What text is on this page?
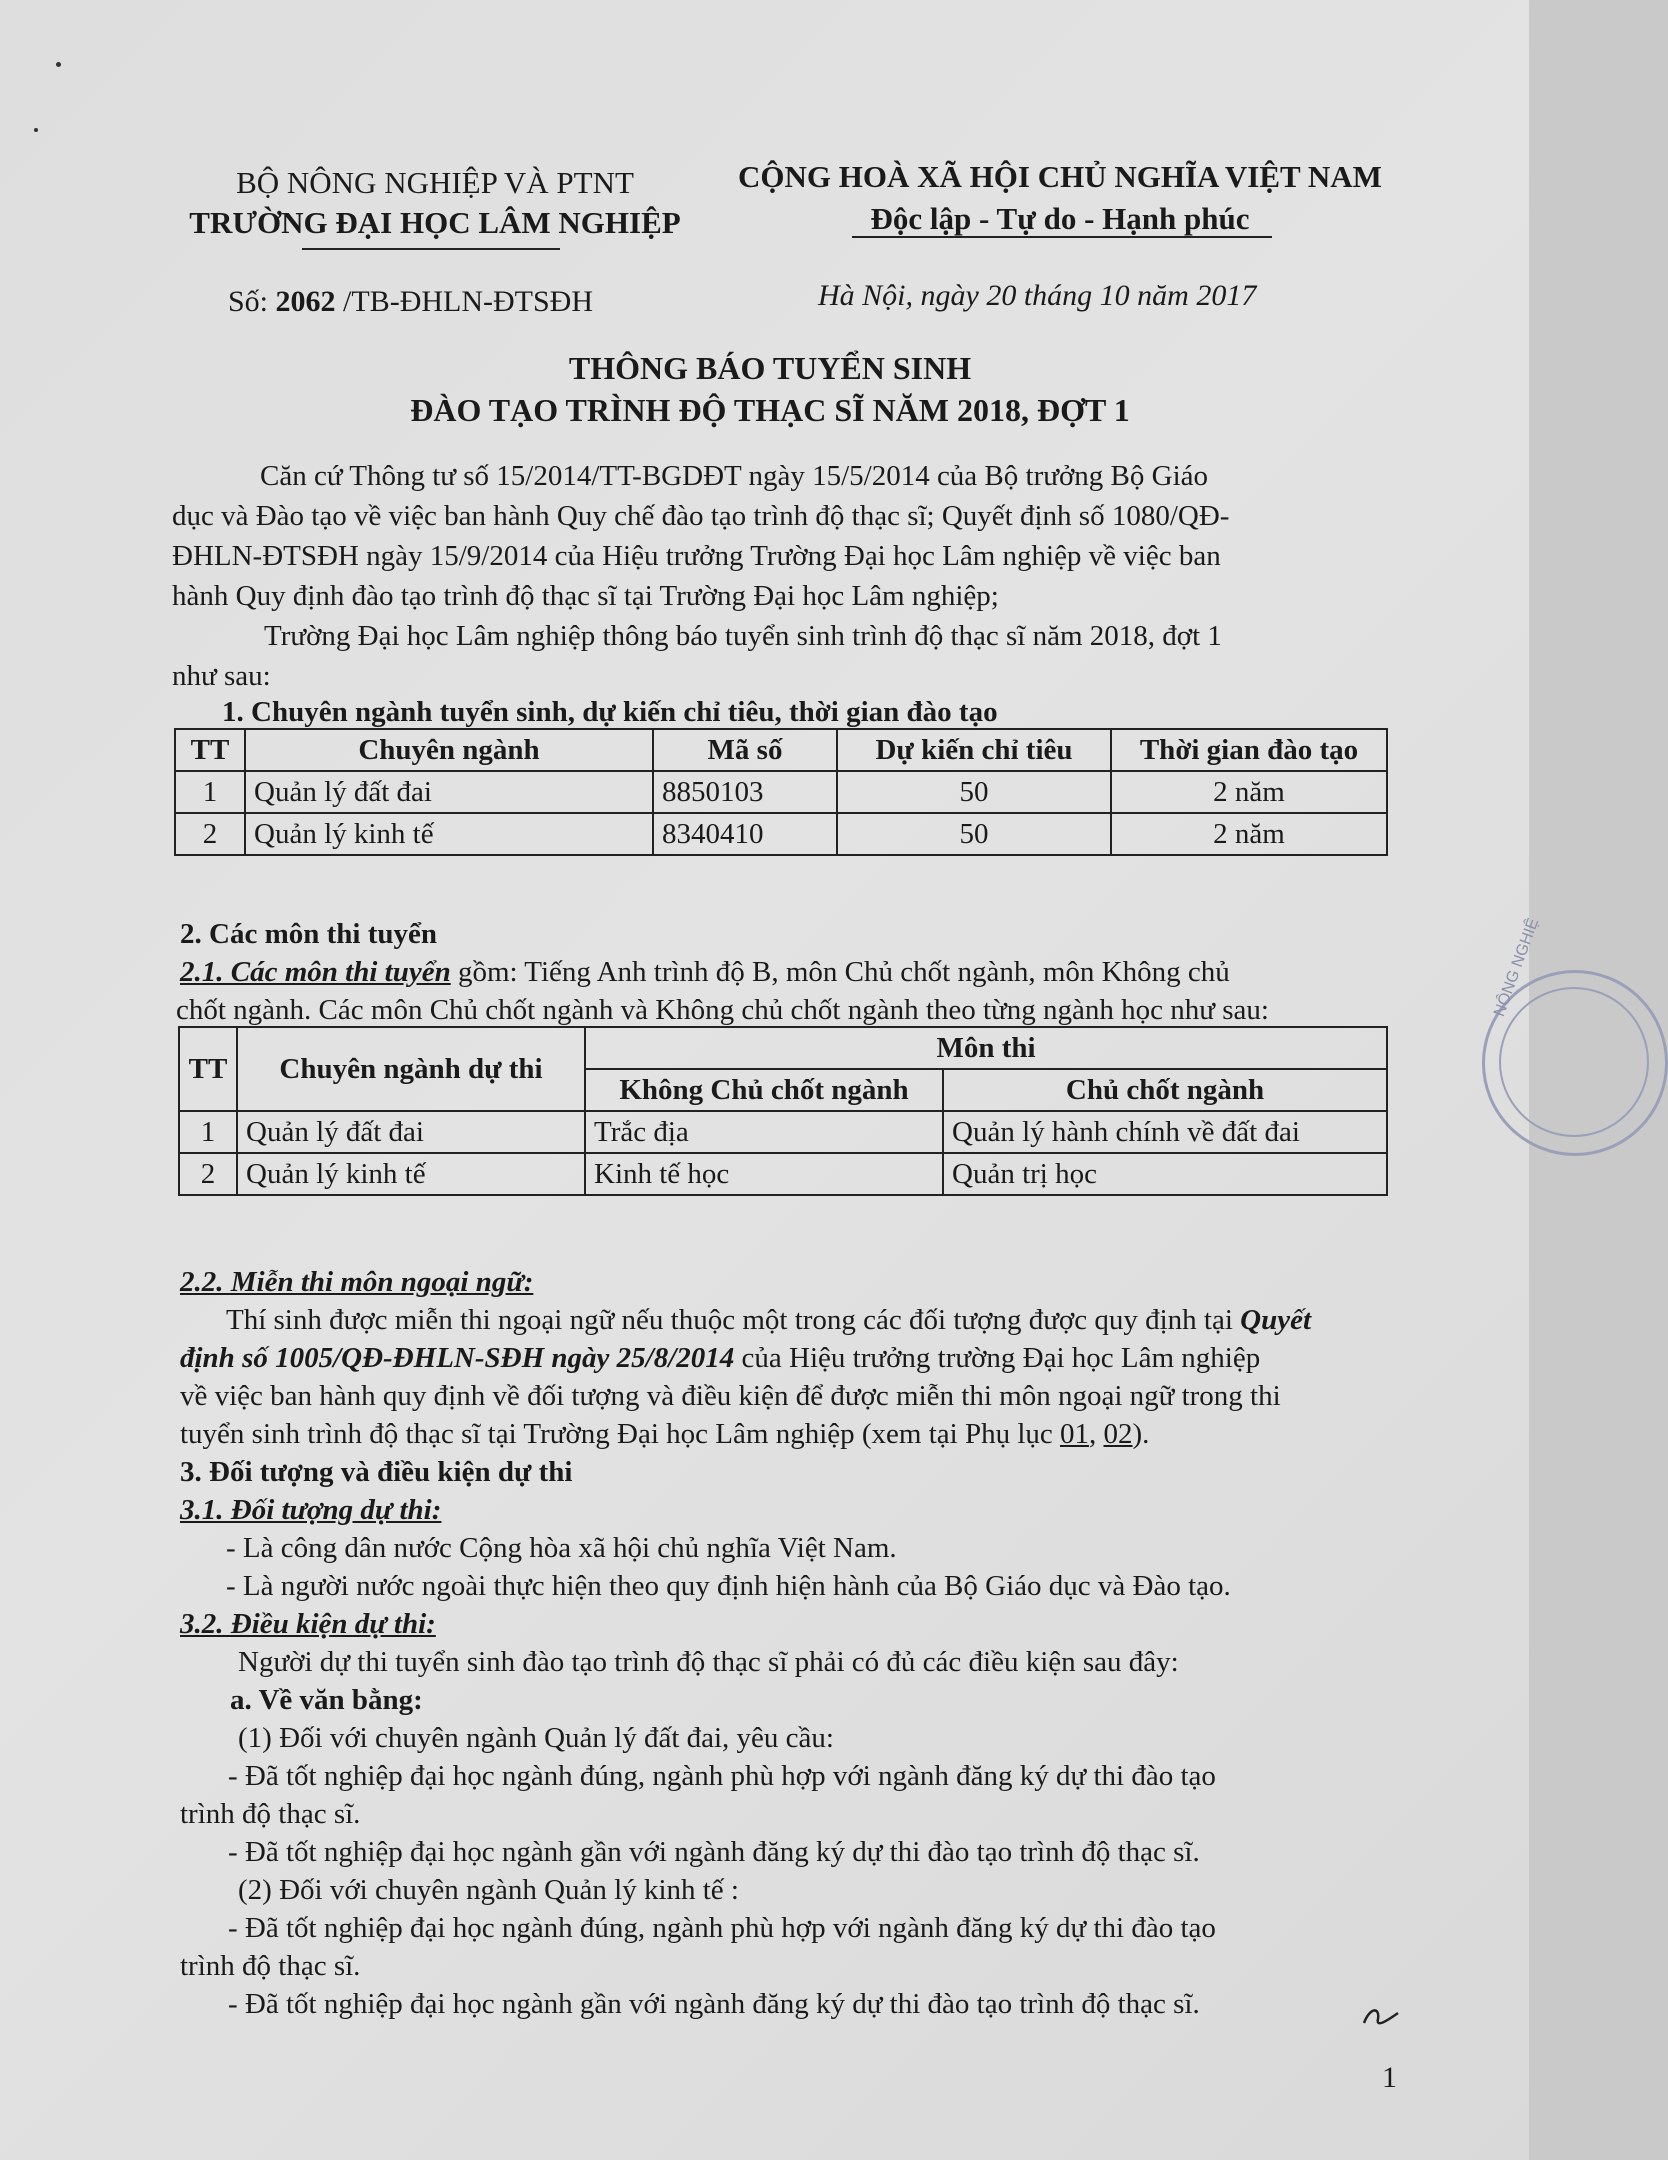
BỘ NÔNG NGHIỆP VÀ PTNT
TRƯỜNG ĐẠI HỌC LÂM NGHIỆP
CỘNG HOÀ XÃ HỘI CHỦ NGHĨA VIỆT NAM
Độc lập - Tự do - Hạnh phúc
Số: 2062 /TB-ĐHLN-ĐTSĐH	Hà Nội, ngày 20 tháng 10 năm 2017
THÔNG BÁO TUYỂN SINH
ĐÀO TẠO TRÌNH ĐỘ THẠC SĨ NĂM 2018, ĐỢT 1
Căn cứ Thông tư số 15/2014/TT-BGDĐT ngày 15/5/2014 của Bộ trưởng Bộ Giáo
dục và Đào tạo về việc ban hành Quy chế đào tạo trình độ thạc sĩ; Quyết định số 1080/QĐ-
ĐHLN-ĐTSĐH ngày 15/9/2014 của Hiệu trưởng Trường Đại học Lâm nghiệp về việc ban
hành Quy định đào tạo trình độ thạc sĩ tại Trường Đại học Lâm nghiệp;
Trường Đại học Lâm nghiệp thông báo tuyển sinh trình độ thạc sĩ năm 2018, đợt 1
như sau:
1. Chuyên ngành tuyển sinh, dự kiến chỉ tiêu, thời gian đào tạo
TT	Chuyên ngành	Mã số	Dự kiến chỉ tiêu	Thời gian đào tạo
1	Quản lý đất đai	8850103	50	2 năm
2	Quản lý kinh tế	8340410	50	2 năm
2. Các môn thi tuyển
2.1. Các môn thi tuyển gồm: Tiếng Anh trình độ B, môn Chủ chốt ngành, môn Không chủ
chốt ngành. Các môn Chủ chốt ngành và Không chủ chốt ngành theo từng ngành học như sau:
TT	Chuyên ngành dự thi	Môn thi	
		Không Chủ chốt ngành	Chủ chốt ngành
1	Quản lý đất đai	Trắc địa	Quản lý hành chính về đất đai
2	Quản lý kinh tế	Kinh tế học	Quản trị học
2.2. Miễn thi môn ngoại ngữ:
Thí sinh được miễn thi ngoại ngữ nếu thuộc một trong các đối tượng được quy định tại Quyết
định số 1005/QĐ-ĐHLN-SĐH ngày 25/8/2014 của Hiệu trưởng trường Đại học Lâm nghiệp
về việc ban hành quy định về đối tượng và điều kiện để được miễn thi môn ngoại ngữ trong thi
tuyển sinh trình độ thạc sĩ tại Trường Đại học Lâm nghiệp (xem tại Phụ lục 01, 02).
3. Đối tượng và điều kiện dự thi
3.1. Đối tượng dự thi:
- Là công dân nước Cộng hòa xã hội chủ nghĩa Việt Nam.
- Là người nước ngoài thực hiện theo quy định hiện hành của Bộ Giáo dục và Đào tạo.
3.2. Điều kiện dự thi:
Người dự thi tuyển sinh đào tạo trình độ thạc sĩ phải có đủ các điều kiện sau đây:
a. Về văn bằng:
(1) Đối với chuyên ngành Quản lý đất đai, yêu cầu:
- Đã tốt nghiệp đại học ngành đúng, ngành phù hợp với ngành đăng ký dự thi đào tạo
trình độ thạc sĩ.
- Đã tốt nghiệp đại học ngành gần với ngành đăng ký dự thi đào tạo trình độ thạc sĩ.
(2) Đối với chuyên ngành Quản lý kinh tế :
- Đã tốt nghiệp đại học ngành đúng, ngành phù hợp với ngành đăng ký dự thi đào tạo
trình độ thạc sĩ.
- Đã tốt nghiệp đại học ngành gần với ngành đăng ký dự thi đào tạo trình độ thạc sĩ.
NÔNG NGHIỆ
1
